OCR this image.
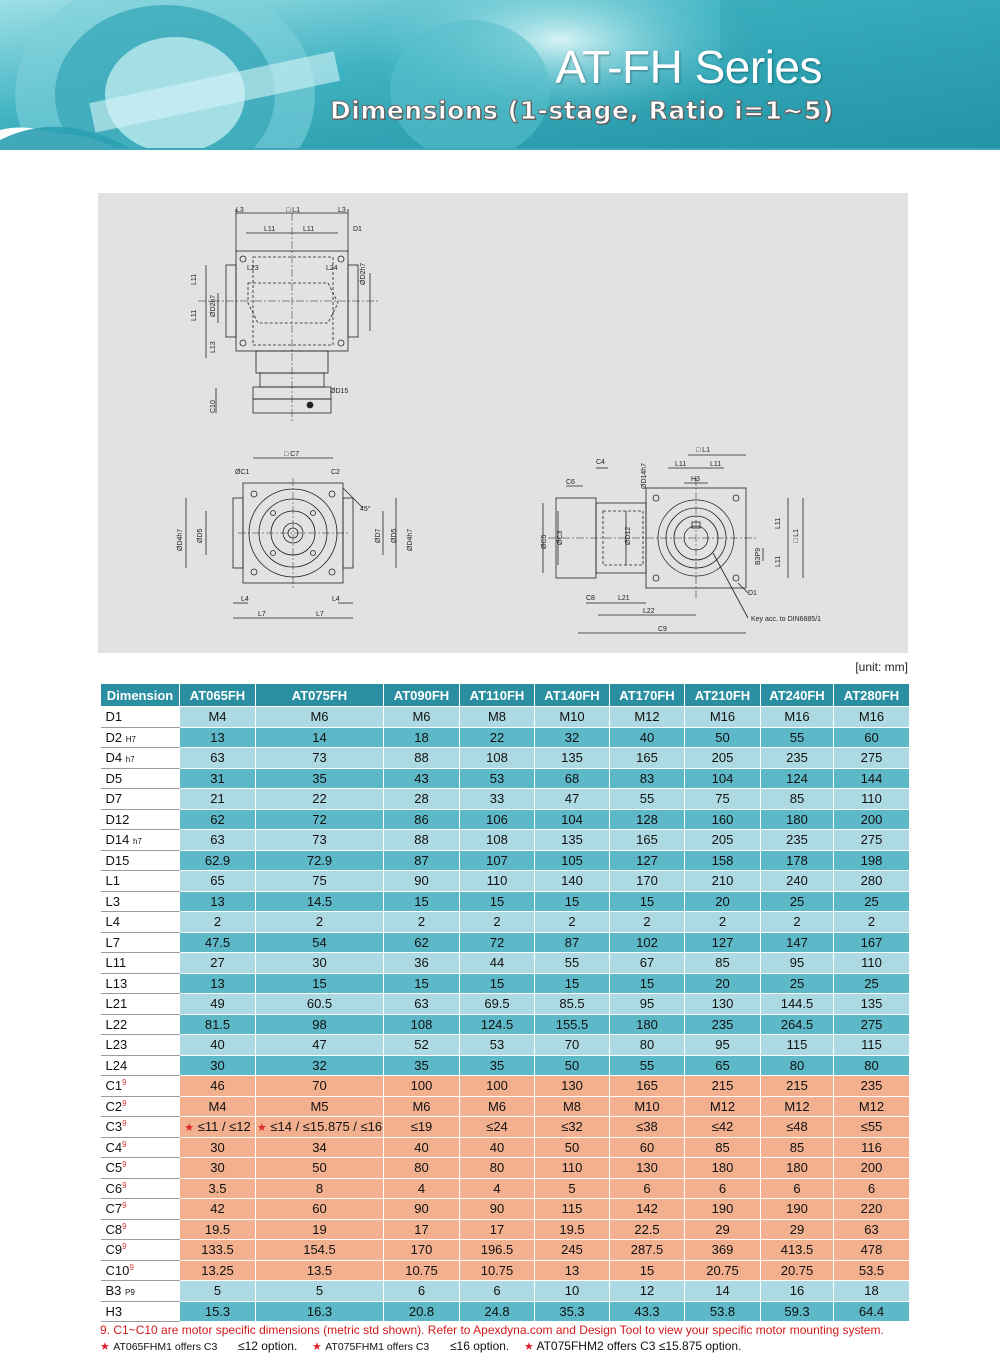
AT-FH Series
Dimensions (1-stage, Ratio i=1~5)
L3	□ L1	L3
L11	L11	D1
L23	L24
L11
L11 ØD2h7
ØD2h7
L13
ØD15
C10
□ C7
ØC1	C2
45°
ØD4h7 ØD5	ØD7 ØD5 ØD4h7
L4	L4
L7	L7
□ L1
L11	L11
H3
C4
C6	ØD14h7
ØC5 ØC3	ØD12
L11
□ L1
L11
B3P9
C8	L21
D1
L22
C9
Key acc. to DIN6885/1
[unit: mm]
Dimension	AT065FH	AT075FH	AT090FH	AT110FH	AT140FH	AT170FH	AT210FH	AT240FH	AT280FH
D1	M4	M6	M6	M8	M10	M12	M16	M16	M16
D2 H7	13	14	18	22	32	40	50	55	60
D4 h7	63	73	88	108	135	165	205	235	275
D5	31	35	43	53	68	83	104	124	144
D7	21	22	28	33	47	55	75	85	110
D12	62	72	86	106	104	128	160	180	200
D14 h7	63	73	88	108	135	165	205	235	275
D15	62.9	72.9	87	107	105	127	158	178	198
L1	65	75	90	110	140	170	210	240	280
L3	13	14.5	15	15	15	15	20	25	25
L4	2	2	2	2	2	2	2	2	2
L7	47.5	54	62	72	87	102	127	147	167
L11	27	30	36	44	55	67	85	95	110
L13	13	15	15	15	15	15	20	25	25
L21	49	60.5	63	69.5	85.5	95	130	144.5	135
L22	81.5	98	108	124.5	155.5	180	235	264.5	275
L23	40	47	52	53	70	80	95	115	115
L24	30	32	35	35	50	55	65	80	80
$C1^9$	46	70	100	100	130	165	215	215	235
$C2^9$	M4	M5	M6	M6	M8	M10	M12	M12	M12
$C3^9$	★ ≤11 / ≤12	★ ≤14 / ≤15.875 / ≤16	≤19	≤24	≤32	≤38	≤42	≤48	≤55
$C4^9$	30	34	40	40	50	60	85	85	116
$C5^9$	30	50	80	80	110	130	180	180	200
$C6^9$	3.5	8	4	4	5	6	6	6	6
$C7^9$	42	60	90	90	115	142	190	190	220
$C8^9$	19.5	19	17	17	19.5	22.5	29	29	63
$C9^9$	133.5	154.5	170	196.5	245	287.5	369	413.5	478
$C10^9$	13.25	13.5	10.75	10.75	13	15	20.75	20.75	53.5
B3 P9	5	5	6	6	10	12	14	16	18
H3	15.3	16.3	20.8	24.8	35.3	43.3	53.8	59.3	64.4
9. C1~C10 are motor specific dimensions (metric std shown). Refer to Apexdyna.com and Design Tool to view your specific motor mounting system.
★ AT065FHM1 offers C3 ≤12 option. ★ AT075FHM1 offers C3 ≤16 option. ★ AT075FHM2 offers C3 ≤15.875 option.
